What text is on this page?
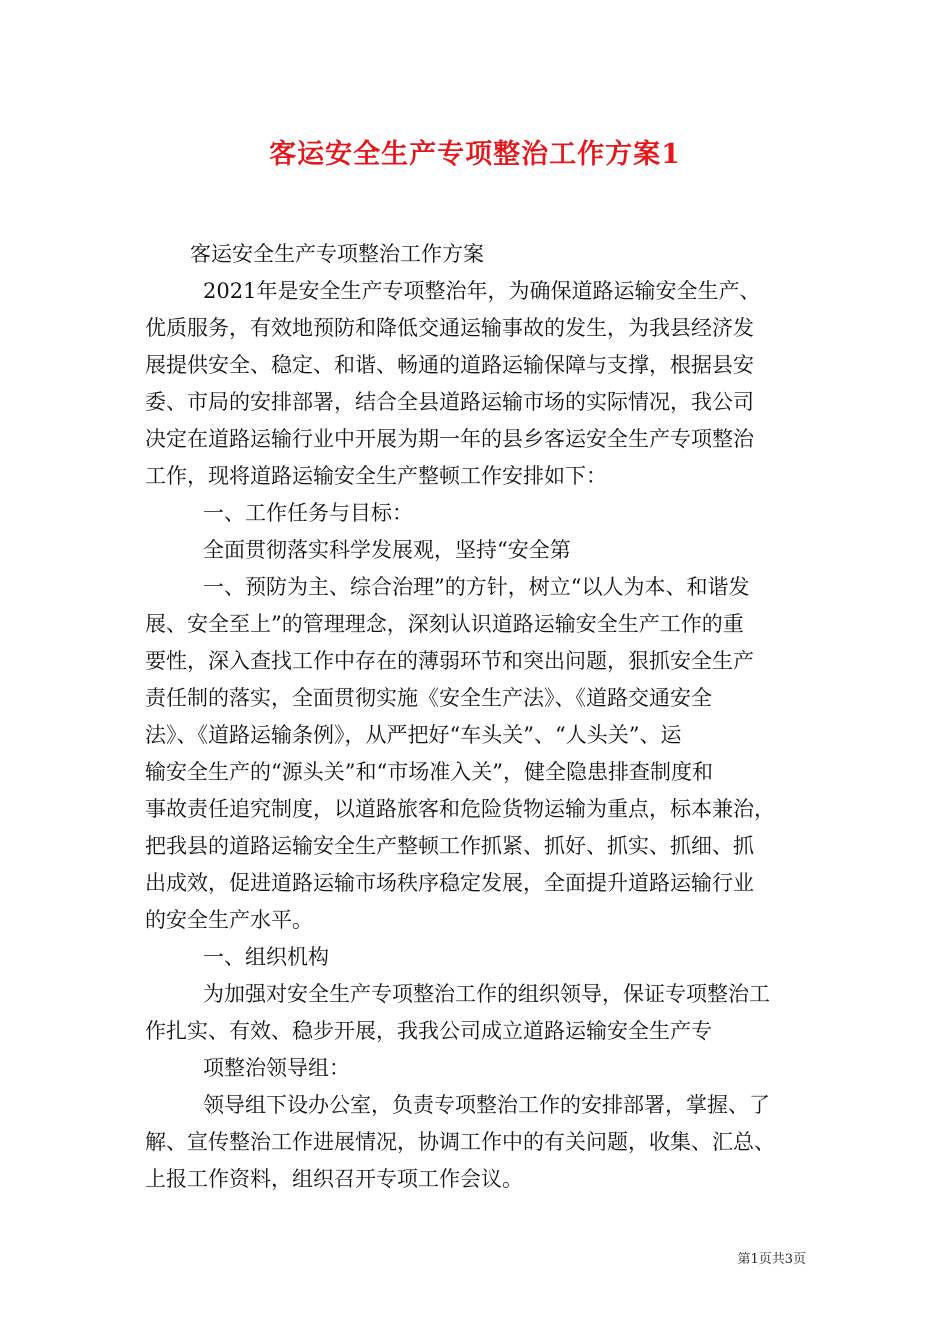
客运安全生产专项整治工作方案1
客运安全生产专项整治工作方案
2021年是安全生产专项整治年，为确保道路运输安全生产、
优质服务，有效地预防和降低交通运输事故的发生，为我县经济发
展提供安全、稳定、和谐、畅通的道路运输保障与支撑，根据县安
委、市局的安排部署，结合全县道路运输市场的实际情况，我公司
决定在道路运输行业中开展为期一年的县乡客运安全生产专项整治
工作，现将道路运输安全生产整顿工作安排如下：
一、工作任务与目标：
全面贯彻落实科学发展观，坚持“安全第
一、预防为主、综合治理”的方针，树立“以人为本、和谐发
展、安全至上”的管理理念，深刻认识道路运输安全生产工作的重
要性，深入查找工作中存在的薄弱环节和突出问题，狠抓安全生产
责任制的落实，全面贯彻实施《安全生产法》、《道路交通安全
法》、《道路运输条例》，从严把好“车头关”、“人头关”、运
输安全生产的“源头关”和“市场准入关”，健全隐患排查制度和
事故责任追究制度，以道路旅客和危险货物运输为重点，标本兼治，
把我县的道路运输安全生产整顿工作抓紧、抓好、抓实、抓细、抓
出成效，促进道路运输市场秩序稳定发展，全面提升道路运输行业
的安全生产水平。
一、组织机构
为加强对安全生产专项整治工作的组织领导，保证专项整治工
作扎实、有效、稳步开展，我我公司成立道路运输安全生产专
项整治领导组：
领导组下设办公室，负责专项整治工作的安排部署，掌握、了
解、宣传整治工作进展情况，协调工作中的有关问题，收集、汇总、
上报工作资料，组织召开专项工作会议。
第1页共3页
